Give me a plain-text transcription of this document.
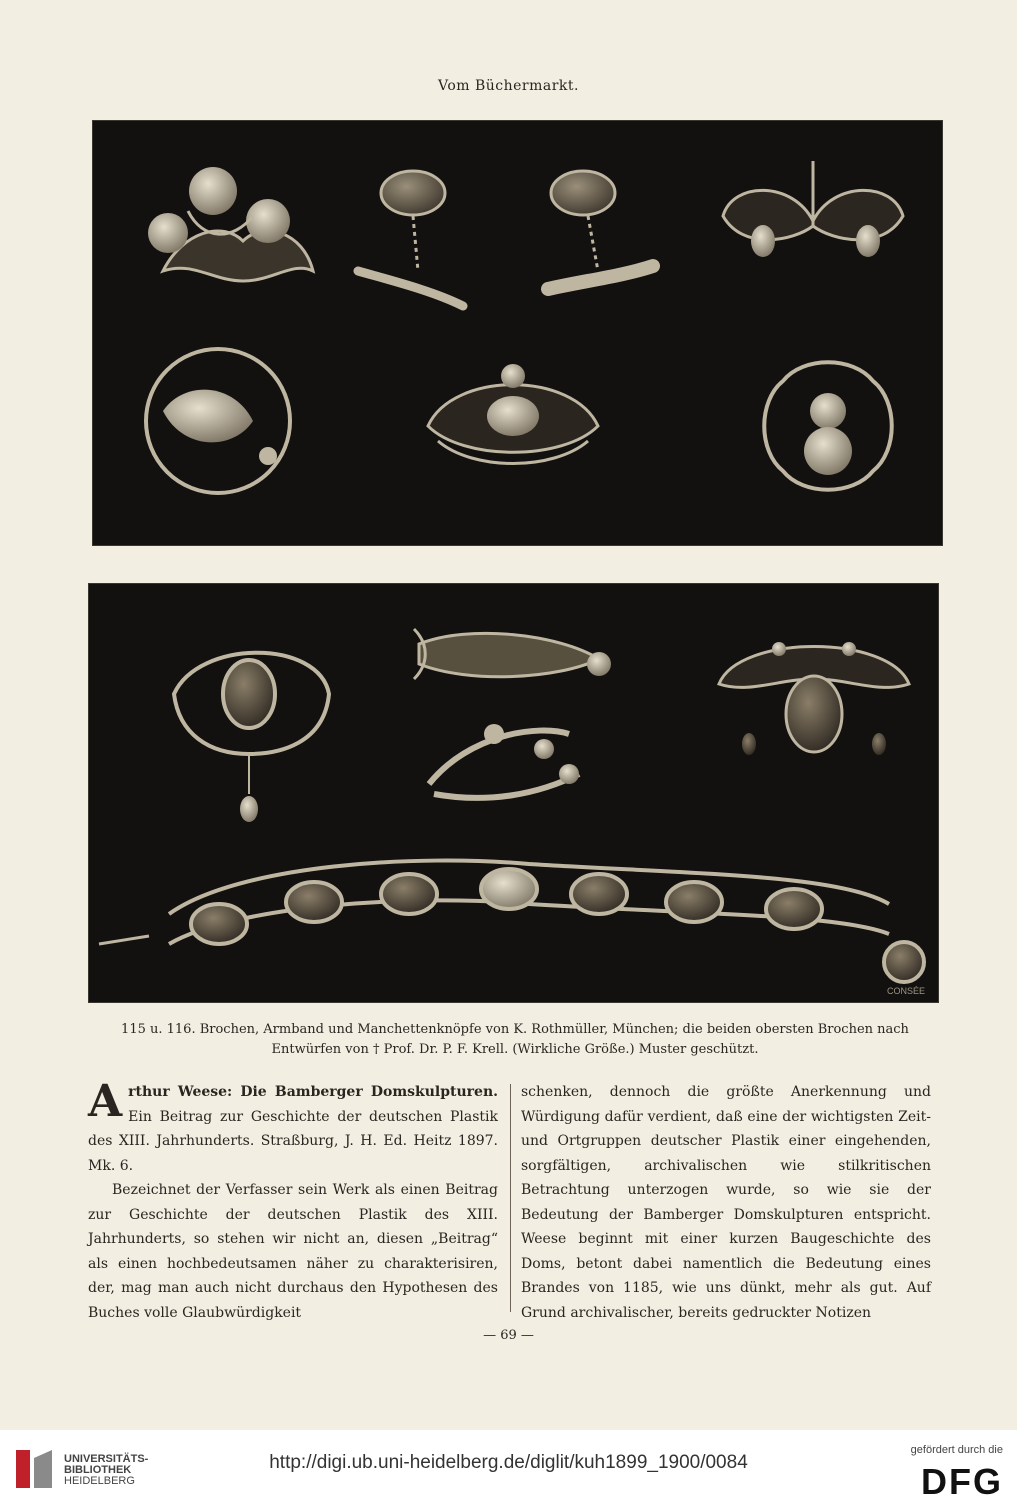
Vom Büchermarkt.
CONSÉE
115 u. 116. Brochen, Armband und Manchettenknöpfe von K. Rothmüller, München; die beiden obersten Brochen nach
Entwürfen von † Prof. Dr. P. F. Krell. (Wirkliche Größe.) Muster geschützt.

Arthur Weese: Die Bamberger Domskulpturen. Ein Beitrag zur Geschichte der deutschen Plastik des XIII. Jahrhunderts. Straßburg, J. H. Ed. Heitz 1897. Mk. 6.

Bezeichnet der Verfasser sein Werk als einen Beitrag zur Geschichte der deutschen Plastik des XIII. Jahrhunderts, so stehen wir nicht an, diesen „Beitrag“ als einen hochbedeutsamen näher zu charakterisiren, der, mag man auch nicht durchaus den Hypothesen des Buches volle Glaubwürdigkeit

schenken, dennoch die größte Anerkennung und Würdigung dafür verdient, daß eine der wichtigsten Zeit- und Ortgruppen deutscher Plastik einer eingehenden, sorgfältigen, archivalischen wie stilkritischen Betrachtung unterzogen wurde, so wie sie der Bedeutung der Bamberger Domskulpturen entspricht. Weese beginnt mit einer kurzen Baugeschichte des Doms, betont dabei namentlich die Bedeutung eines Brandes von 1185, wie uns dünkt, mehr als gut. Auf Grund archivalischer, bereits gedruckter Notizen

— 69 —
UNIVERSITÄTS-
BIBLIOTHEK
HEIDELBERG
http://digi.ub.uni-heidelberg.de/diglit/kuh1899_1900/0084
gefördert durch die
DFG
